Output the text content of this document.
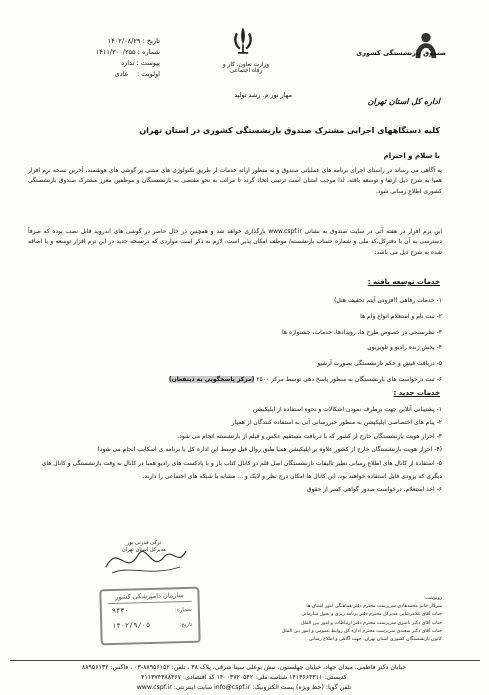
تاریخ : ۱۴۰۲/۰۸/۲۹
شماره : ۱۴۱۱/۲۰۰/۲۵۵
پیوست : ندارد
اولویت :    عادی
وزارت تعاون، کار و رفاه اجتماعی
صندوق بازنشستگی کشوری
مهار نور م. رشد تولید
اداره کل استان تهران
کلیه دستگاههای اجرایی مشترک صندوق بازنشستگی کشوری در استان تهران
با سلام و احترام
به آگاهی می رساند در راستای اجرای برنامه های عملیاتی صندوق و به منظور ارائه خدمات از طریق تکنولوژی های مبتنی بر گوشی های هوشمند، آخرین نسخه نرم افزار همیا به شرح ذیل ارتقا و توسعه یافته، لذا موجب امتنان است ترتیبی اتخاذ گردد تا مراتب به نحو مقتضی به بازنشستگان و موظفین معزز مشترک صندوق بازنشستگی کشوری اطلاع رسانی شود.
این نرم افزار در هفته آتی در سایت صندوق به نشانی www.cspf.ir بارگذاری خواهد شد و همچنین در حال حاضر در گوشی های اندروید قابل نصب بوده که صرفاً دسترسی به آن با دفترکل،کد ملی و شماره حساب بازنشسته/ موظف امکان پذیر است. لازم به ذکر است مواردی که درنسخه جدید در این نرم افزار توسعه و یا اضافه شده به شرح ذیل می باشد:
خدمات توسعه یافته :
۱- خدمات رفاهی (افزودن آیتم تخفیف هتل)
۲- ثبت نام و استعلام انواع وام ها
۳- نظرسنجی در خصوص طرح ها، رویدادها، خدمات، جشنواره ها
۴- پخش زنده رادیو و تلویزیون
۵- دریافت فیش و حکم بازنشستگی بصورت آرشیو
۶- ثبت درخواست های بازنشستگان به منظور پاسخ دهی توسط مرکز ۲۵۰۰ (مرکز پاسخگویی به ذینفعان)
خدمات جدید :
۱- پشتیبانی آنلاین جهت برطرف نمودن اشکالات و نحوه استفاده از اپلیکیشن
۲- پیام های اختصاصی اپلیکیشن به منظور خبررسانی آنی به استفاده کنندگان از همیار
۳- احراز هویت بازنشستگان خارج از کشور که با دریافت مستقیم عکس و فیلم از بازنشسته انجام می شود.
(۴- احراز هویت بازنشستگان خارج از کشور علاوه بر اپلیکیشن همیا طبق روال قبل توسط این اداره کل با برنامه ی اسکایپ انجام می شود)
۵- استفاده از کانال های اطلاع رسانی نظیر تالیفات بازنشستگان اصل قلم در کانال کتاب باز و یا پادکست های رادیو همیا در کانال به وقت بازنشستگی و کانال های دیگری که بزودی قابل استفاده خواهند بود. این کانال ها امکان درج نظر و لایک و ... مشابه با شبکه های اجتماعی را دارند.
۶- اخذ استعلام، درخواست صدور گواهی کسر از حقوق
ترکی قدرتی پور
مدیرکل استان تهران
سازمان دامپزشکی کشور
شماره:
۹۴۳۰
تاریخ:
۱۴۰۲/۹/۰۵
رونوشت:
سرکار خانم محمدهادی سرپرست محترم دفتر هماهنگی امور استان ها
جناب آقای غلامرضایی مدیرکل محترم دفتر برنامه ریزی و تحول سازمانی
جناب آقای دکتر ناصری سرپرست محترم دفتر ارتباطات و امور بین الملل
جناب آقای دکتر سعیدی سرپرست محترم اداره کل روابط عمومی و امور بین الملل
کانون بازنشستگان کشوری استان تهران، جهت آگاهی و اطلاع رسانی
خیابان دکتر فاطمی، میدان جهاد، خیابان چهلستون، نبش بوعلی سینا شرقی، پلاک ۳۸ ، تلفن: ۸۸۹۵۶۱۵۲-۰۳ ، فاکس: ۸۸۹۵۶۱۳۲
کدپستی: ۱۴۱۴۶۶۳۳۱۱ شناسه ملی: ۱۴۰۰۳۷۲۰۵۴۲ کد اقتصادی: ۴۱۱۳۷۴۳۸۸۳۶۷
تلفن گویا: (خط ویژه) پست الکترونیک: info@cspf.ir سایت اینترنتی: www.cspf.ir
